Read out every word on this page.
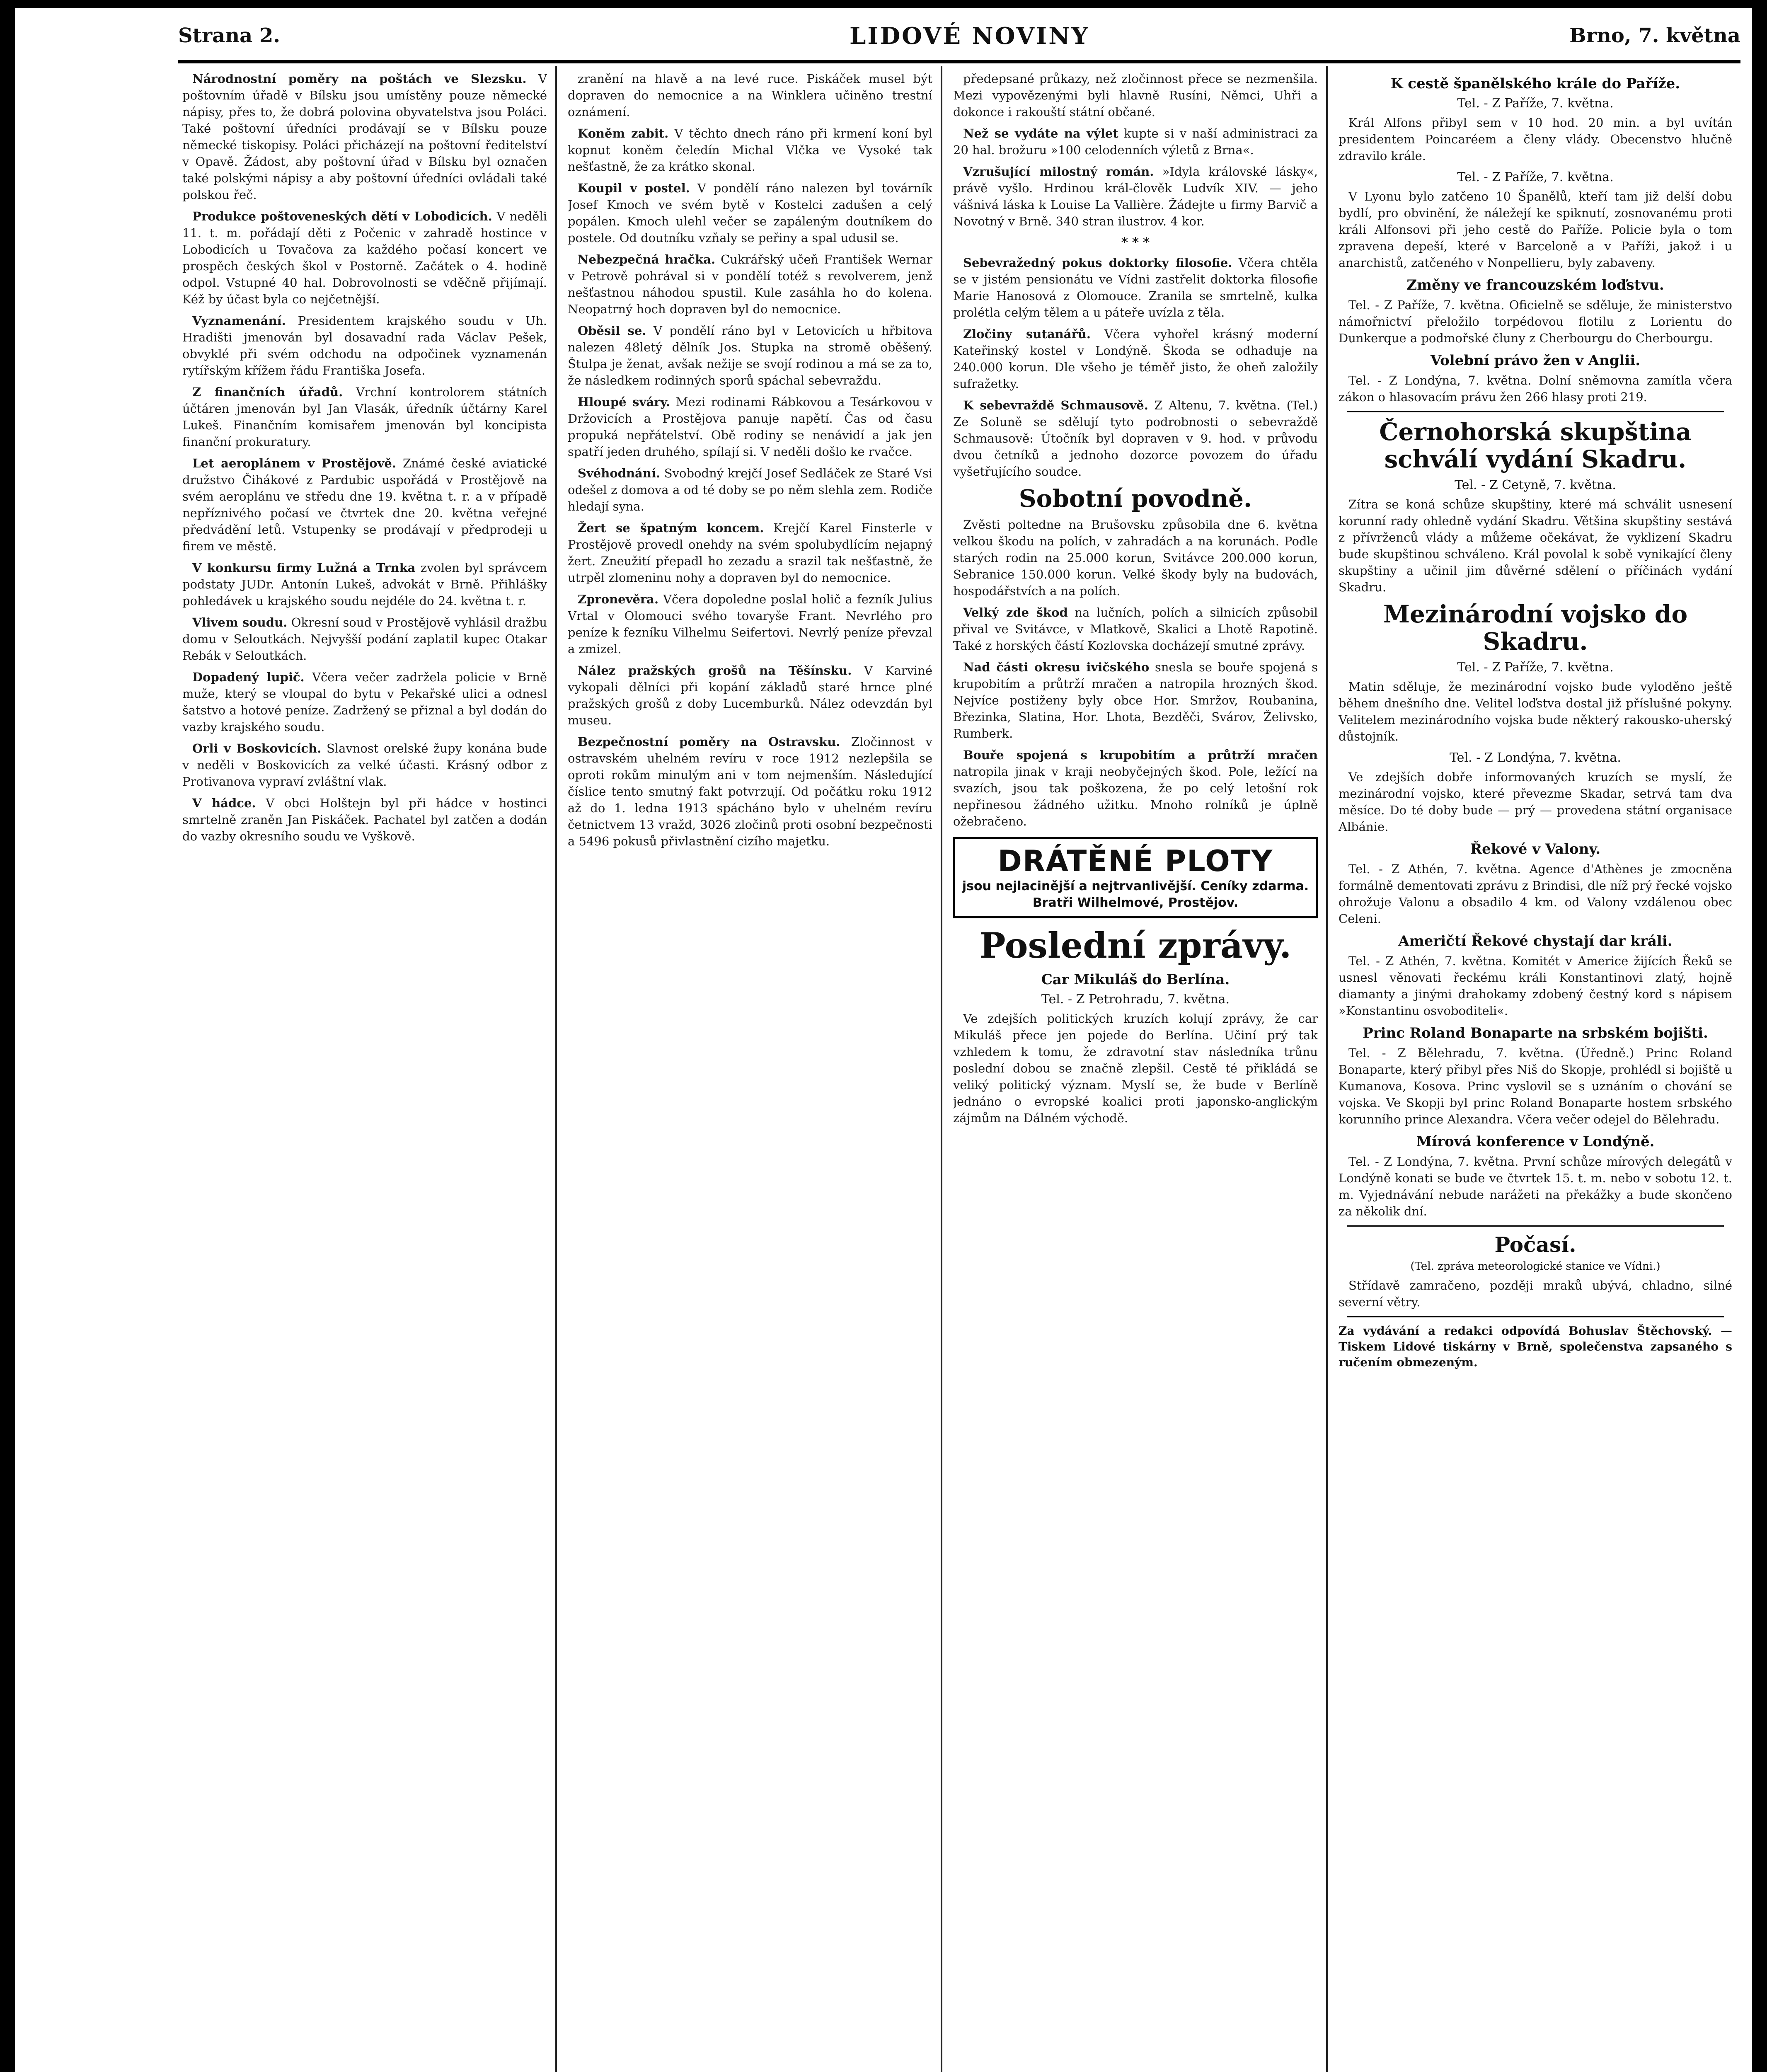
Strana 2.	LIDOVÉ NOVINY	Brno, 7. května

Národnostní poměry na poštách ve Slezsku. V poštovním úřadě v Bílsku jsou umístěny pouze německé nápisy, přes to, že dobrá polovina obyvatelstva jsou Poláci. Také poštovní úředníci prodávají se v Bílsku pouze německé tiskopisy. Poláci přicházejí na poštovní ředitelství v Opavě. Žádost, aby poštovní úřad v Bílsku byl označen také polskými nápisy a aby poštovní úředníci ovládali také polskou řeč.

Produkce poštoveneských dětí v Lobodicích. V neděli 11. t. m. pořádají děti z Počenic v zahradě hostince v Lobodicích u Tovačova za každého počasí koncert ve prospěch českých škol v Postorně. Začátek o 4. hodině odpol. Vstupné 40 hal. Dobrovolnosti se vděčně přijímají. Kéž by účast byla co nejčetnější.

Vyznamenání. Presidentem krajského soudu v Uh. Hradišti jmenován byl dosavadní rada Václav Pešek, obvyklé při svém odchodu na odpočinek vyznamenán rytířským křížem řádu Františka Josefa.

Z finančních úřadů. Vrchní kontrolorem státních účtáren jmenován byl Jan Vlasák, úředník účtárny Karel Lukeš. Finančním komisařem jmenován byl koncipista finanční prokuratury.

Let aeroplánem v Prostějově. Známé české aviatické družstvo Čihákové z Pardubic uspořádá v Prostějově na svém aeroplánu ve středu dne 19. května t. r. a v případě nepříznivého počasí ve čtvrtek dne 20. května veřejné předvádění letů. Vstupenky se prodávají v předprodeji u firem ve městě.

V konkursu firmy Lužná a Trnka zvolen byl správcem podstaty JUDr. Antonín Lukeš, advokát v Brně. Přihlášky pohledávek u krajského soudu nejdéle do 24. května t. r.

Vlivem soudu. Okresní soud v Prostějově vyhlásil dražbu domu v Seloutkách. Nejvyšší podání zaplatil kupec Otakar Rebák v Seloutkách.

Dopadený lupič. Včera večer zadržela policie v Brně muže, který se vloupal do bytu v Pekařské ulici a odnesl šatstvo a hotové peníze. Zadržený se přiznal a byl dodán do vazby krajského soudu.

Orli v Boskovicích. Slavnost orelské župy konána bude v neděli v Boskovicích za velké účasti. Krásný odbor z Protivanova vypraví zvláštní vlak.

V hádce. V obci Holštejn byl při hádce v hostinci smrtelně zraněn Jan Piskáček. Pachatel byl zatčen a dodán do vazby okresního soudu ve Vyškově.

zranění na hlavě a na levé ruce. Piskáček musel být dopraven do nemocnice a na Winklera učiněno trestní oznámení.

Koněm zabit. V těchto dnech ráno při krmení koní byl kopnut koněm čeledín Michal Vlčka ve Vysoké tak nešťastně, že za krátko skonal.

Koupil v postel. V pondělí ráno nalezen byl továrník Josef Kmoch ve svém bytě v Kostelci zadušen a celý popálen. Kmoch ulehl večer se zapáleným doutníkem do postele. Od doutníku vzňaly se peřiny a spal udusil se.

Nebezpečná hračka. Cukrářský učeň František Wernar v Petrově pohrával si v pondělí totéž s revolverem, jenž nešťastnou náhodou spustil. Kule zasáhla ho do kolena. Neopatrný hoch dopraven byl do nemocnice.

Oběsil se. V pondělí ráno byl v Letovicích u hřbitova nalezen 48letý dělník Jos. Stupka na stromě oběšený. Štulpa je ženat, avšak nežije se svojí rodinou a má se za to, že následkem rodinných sporů spáchal sebevraždu.

Hloupé sváry. Mezi rodinami Rábkovou a Tesárkovou v Držovicích a Prostějova panuje napětí. Čas od času propuká nepřátelství. Obě rodiny se nenávidí a jak jen spatří jeden druhého, spílají si. V neděli došlo ke rvačce.

Svéhodnání. Svobodný krejčí Josef Sedláček ze Staré Vsi odešel z domova a od té doby se po něm slehla zem. Rodiče hledají syna.

Žert se špatným koncem. Krejčí Karel Finsterle v Prostějově provedl onehdy na svém spolubydlícím nejapný žert. Zneužití přepadl ho zezadu a srazil tak nešťastně, že utrpěl zlomeninu nohy a dopraven byl do nemocnice.

Zpronevěra. Včera dopoledne poslal holič a fezník Julius Vrtal v Olomouci svého tovaryše Frant. Nevrlého pro peníze k fezníku Vilhelmu Seifertovi. Nevrlý peníze převzal a zmizel.

Nález pražských grošů na Těšínsku. V Karviné vykopali dělníci při kopání základů staré hrnce plné pražských grošů z doby Lucemburků. Nález odevzdán byl museu.

Bezpečnostní poměry na Ostravsku. Zločinnost v ostravském uhelném revíru v roce 1912 nezlepšila se oproti rokům minulým ani v tom nejmenším. Následující číslice tento smutný fakt potvrzují. Od počátku roku 1912 až do 1. ledna 1913 spácháno bylo v uhelném revíru četnictvem 13 vražd, 3026 zločinů proti osobní bezpečnosti a 5496 pokusů přivlastnění cizího majetku.

předepsané průkazy, než zločinnost přece se nezmenšila. Mezi vypovězenými byli hlavně Rusíni, Němci, Uhři a dokonce i rakouští státní občané.

Než se vydáte na výlet kupte si v naší administraci za 20 hal. brožuru »100 celodenních výletů z Brna«.

Vzrušující milostný román. »Idyla královské lásky«, právě vyšlo. Hrdinou král-člověk Ludvík XIV. — jeho vášnivá láska k Louise La Vallière. Žádejte u firmy Barvič a Novotný v Brně. 340 stran ilustrov. 4 kor.

* * *

Sebevražedný pokus doktorky filosofie. Včera chtěla se v jistém pensionátu ve Vídni zastřelit doktorka filosofie Marie Hanosová z Olomouce. Zranila se smrtelně, kulka prolétla celým tělem a u páteře uvízla z těla.

Zločiny sutanářů. Včera vyhořel krásný moderní Kateřinský kostel v Londýně. Škoda se odhaduje na 240.000 korun. Dle všeho je téměř jisto, že oheň založily sufražetky.

K sebevraždě Schmausově. Z Altenu, 7. května. (Tel.) Ze Soluně se sdělují tyto podrobnosti o sebevraždě Schmausově: Útočník byl dopraven v 9. hod. v průvodu dvou četníků a jednoho dozorce povozem do úřadu vyšetřujícího soudce.

Sobotní povodně.

Zvěsti poltedne na Brušovsku způsobila dne 6. května velkou škodu na polích, v zahradách a na korunách. Podle starých rodin na 25.000 korun, Svitávce 200.000 korun, Sebranice 150.000 korun. Velké škody byly na budovách, hospodářstvích a na polích.

Velký zde škod na lučních, polích a silnicích způsobil přival ve Svitávce, v Mlatkově, Skalici a Lhotě Rapotině. Také z horských částí Kozlovska docházejí smutné zprávy.

Nad části okresu ivičského snesla se bouře spojená s krupobitím a průtrží mračen a natropila hrozných škod. Nejvíce postiženy byly obce Hor. Smržov, Roubanina, Březinka, Slatina, Hor. Lhota, Bezděči, Svárov, Želivsko, Rumberk.

Bouře spojená s krupobitím a průtrží mračen natropila jinak v kraji neobyčejných škod. Pole, ležící na svazích, jsou tak poškozena, že po celý letošní rok nepřinesou žádného užitku. Mnoho rolníků je úplně ožebračeno.

DRÁTĚNÉ PLOTY
jsou nejlacinější a nejtrvanlivější. Ceníky zdarma.
Bratři Wilhelmové, Prostějov.
Poslední zprávy.
Car Mikuláš do Berlína.
Tel. - Z Petrohradu, 7. května.

Ve zdejších politických kruzích kolují zprávy, že car Mikuláš přece jen pojede do Berlína. Učiní prý tak vzhledem k tomu, že zdravotní stav následníka trůnu poslední dobou se značně zlepšil. Cestě té přikládá se veliký politický význam. Myslí se, že bude v Berlíně jednáno o evropské koalici proti japonsko-anglickým zájmům na Dálném východě.

K cestě španělského krále do Paříže.
Tel. - Z Paříže, 7. května.

Král Alfons přibyl sem v 10 hod. 20 min. a byl uvítán presidentem Poincaréem a členy vlády. Obecenstvo hlučně zdravilo krále.

Tel. - Z Paříže, 7. května.

V Lyonu bylo zatčeno 10 Španělů, kteří tam již delší dobu bydlí, pro obvinění, že náležejí ke spiknutí, zosnovanému proti králi Alfonsovi při jeho cestě do Paříže. Policie byla o tom zpravena depeší, které v Barceloně a v Paříži, jakož i u anarchistů, zatčeného v Nonpellieru, byly zabaveny.

Změny ve francouzském loďstvu.

Tel. - Z Paříže, 7. května. Oficielně se sděluje, že ministerstvo námořnictví přeložilo torpédovou flotilu z Lorientu do Dunkerque a podmořské čluny z Cherbourgu do Cherbourgu.

Volební právo žen v Anglii.

Tel. - Z Londýna, 7. května. Dolní sněmovna zamítla včera zákon o hlasovacím právu žen 266 hlasy proti 219.

Černohorská skupština schválí vydání Skadru.
Tel. - Z Cetyně, 7. května.

Zítra se koná schůze skupštiny, které má schválit usnesení korunní rady ohledně vydání Skadru. Většina skupštiny sestává z přívrženců vlády a můžeme očekávat, že vyklizení Skadru bude skupštinou schváleno. Král povolal k sobě vynikající členy skupštiny a učinil jim důvěrné sdělení o příčinách vydání Skadru.

Mezinárodní vojsko do Skadru.
Tel. - Z Paříže, 7. května.

Matin sděluje, že mezinárodní vojsko bude vyloděno ještě během dnešního dne. Velitel loďstva dostal již příslušné pokyny. Velitelem mezinárodního vojska bude některý rakousko-uherský důstojník.

Tel. - Z Londýna, 7. května.

Ve zdejších dobře informovaných kruzích se myslí, že mezinárodní vojsko, které převezme Skadar, setrvá tam dva měsíce. Do té doby bude — prý — provedena státní organisace Albánie.

Řekové v Valony.

Tel. - Z Athén, 7. května. Agence d'Athènes je zmocněna formálně dementovati zprávu z Brindisi, dle níž prý řecké vojsko ohrožuje Valonu a obsadilo 4 km. od Valony vzdálenou obec Celeni.

Američtí Řekové chystají dar králi.

Tel. - Z Athén, 7. května. Komitét v Americe žijících Řeků se usnesl věnovati řeckému králi Konstantinovi zlatý, hojně diamanty a jinými drahokamy zdobený čestný kord s nápisem »Konstantinu osvoboditeli«.

Princ Roland Bonaparte na srbském bojišti.

Tel. - Z Bělehradu, 7. května. (Úředně.) Princ Roland Bonaparte, který přibyl přes Niš do Skopje, prohlédl si bojiště u Kumanova, Kosova. Princ vyslovil se s uznáním o chování se vojska. Ve Skopji byl princ Roland Bonaparte hostem srbského korunního prince Alexandra. Včera večer odejel do Bělehradu.

Mírová konference v Londýně.

Tel. - Z Londýna, 7. května. První schůze mírových delegátů v Londýně konati se bude ve čtvrtek 15. t. m. nebo v sobotu 12. t. m. Vyjednávání nebude narážeti na překážky a bude skončeno za několik dní.

Počasí.
(Tel. zpráva meteorologické stanice ve Vídni.)

Střídavě zamračeno, později mraků ubývá, chladno, silné severní větry.

Za vydávání a redakci odpovídá Bohuslav Štěchovský. — Tiskem Lidové tiskárny v Brně, společenstva zapsaného s ručením obmezeným.
